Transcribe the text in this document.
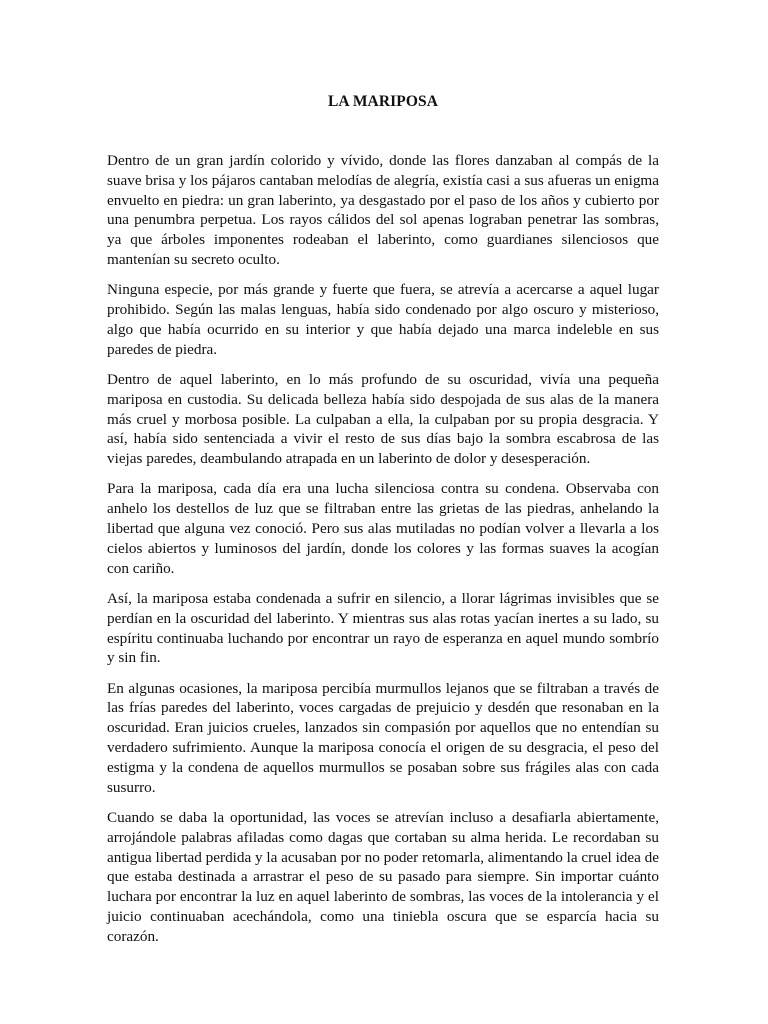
LA MARIPOSA

Dentro de un gran jardín colorido y vívido, donde las flores danzaban al compás de la suave brisa y los pájaros cantaban melodías de alegría, existía casi a sus afueras un enigma envuelto en piedra: un gran laberinto, ya desgastado por el paso de los años y cubierto por una penumbra perpetua. Los rayos cálidos del sol apenas lograban penetrar las sombras, ya que árboles imponentes rodeaban el laberinto, como guardianes silenciosos que mantenían su secreto oculto.

Ninguna especie, por más grande y fuerte que fuera, se atrevía a acercarse a aquel lugar prohibido. Según las malas lenguas, había sido condenado por algo oscuro y misterioso, algo que había ocurrido en su interior y que había dejado una marca indeleble en sus paredes de piedra.

Dentro de aquel laberinto, en lo más profundo de su oscuridad, vivía una pequeña mariposa en custodia. Su delicada belleza había sido despojada de sus alas de la manera más cruel y morbosa posible. La culpaban a ella, la culpaban por su propia desgracia. Y así, había sido sentenciada a vivir el resto de sus días bajo la sombra escabrosa de las viejas paredes, deambulando atrapada en un laberinto de dolor y desesperación.

Para la mariposa, cada día era una lucha silenciosa contra su condena. Observaba con anhelo los destellos de luz que se filtraban entre las grietas de las piedras, anhelando la libertad que alguna vez conoció. Pero sus alas mutiladas no podían volver a llevarla a los cielos abiertos y luminosos del jardín, donde los colores y las formas suaves la acogían con cariño.

Así, la mariposa estaba condenada a sufrir en silencio, a llorar lágrimas invisibles que se perdían en la oscuridad del laberinto. Y mientras sus alas rotas yacían inertes a su lado, su espíritu continuaba luchando por encontrar un rayo de esperanza en aquel mundo sombrío y sin fin.

En algunas ocasiones, la mariposa percibía murmullos lejanos que se filtraban a través de las frías paredes del laberinto, voces cargadas de prejuicio y desdén que resonaban en la oscuridad. Eran juicios crueles, lanzados sin compasión por aquellos que no entendían su verdadero sufrimiento. Aunque la mariposa conocía el origen de su desgracia, el peso del estigma y la condena de aquellos murmullos se posaban sobre sus frágiles alas con cada susurro.

Cuando se daba la oportunidad, las voces se atrevían incluso a desafiarla abiertamente, arrojándole palabras afiladas como dagas que cortaban su alma herida. Le recordaban su antigua libertad perdida y la acusaban por no poder retomarla, alimentando la cruel idea de que estaba destinada a arrastrar el peso de su pasado para siempre. Sin importar cuánto luchara por encontrar la luz en aquel laberinto de sombras, las voces de la intolerancia y el juicio continuaban acechándola, como una tiniebla oscura que se esparcía hacia su corazón.
